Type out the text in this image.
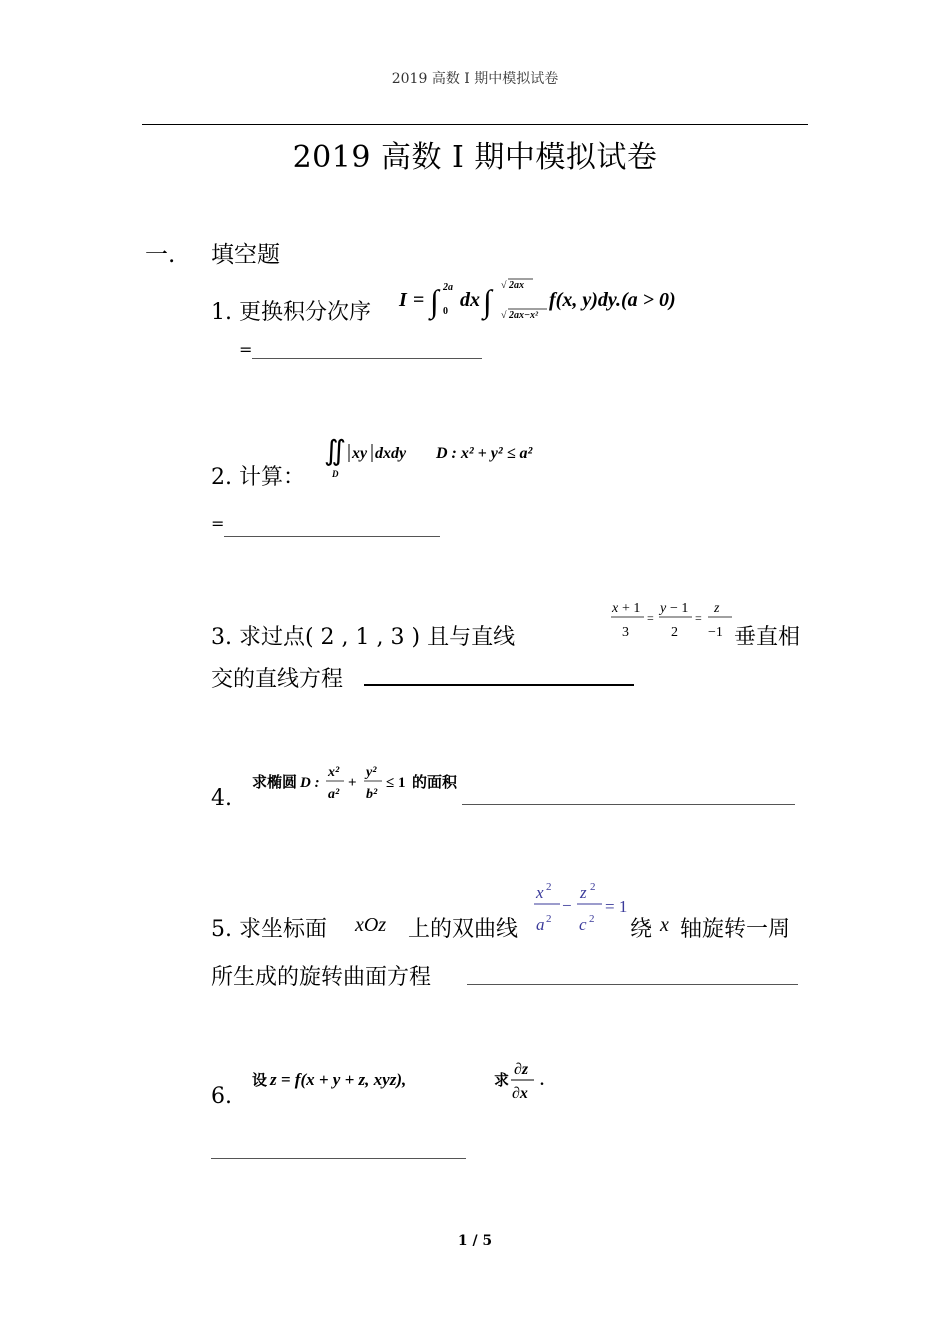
2019 高数 I 期中模拟试卷
2019 高数 I 期中模拟试卷
一. 填空题
1. 更换积分次序 I = ∫ 2a
0
dx ∫ √ 2ax
√ 2ax−x²
f(x, y)dy.(a > 0)
=
2. 计算：
∬
D
xy dxdy D : x² + y² ≤ a²
=
3. 求过点( 2 , 1 , 3 ) 且与直线
x + 1
3
=
y − 1
2
=
z
−1 垂直相
交的直线方程
4.
求椭圆 D :
x²
a²
+
y²
b²
≤ 1 的面积
5. 求坐标面 xOz 上的双曲线
x 2
a 2
−
z 2
c 2
= 1
绕 x 轴旋转一周
所生成的旋转曲面方程
6.
设 z = f(x + y + z, xyz),	求
∂z
∂x
.
1 / 5
